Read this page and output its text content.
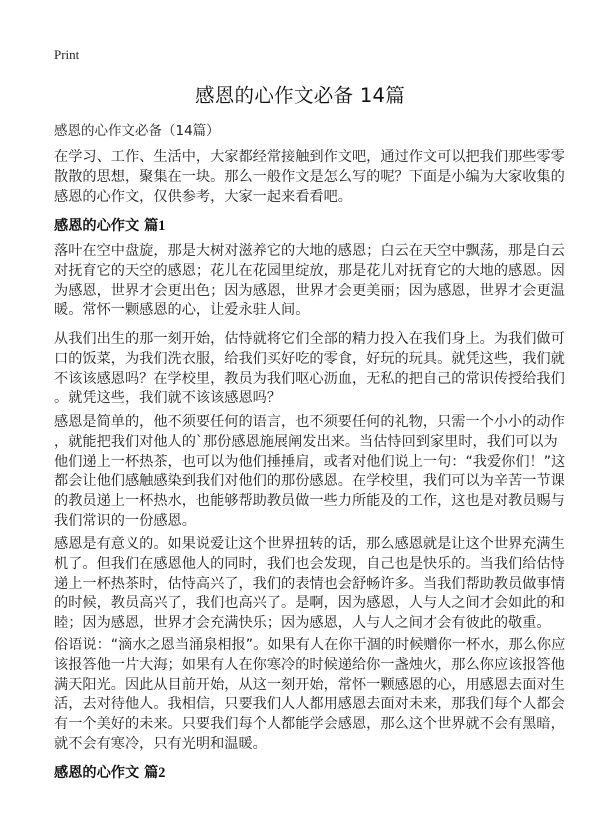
Print
感恩的心作文必备 14篇

感恩的心作文必备（14篇）

在学习、工作、生活中，大家都经常接触到作文吧，通过作文可以把我们那些零零
散散的思想，聚集在一块。那么一般作文是怎么写的呢？下面是小编为大家收集的
感恩的心作文，仅供参考，大家一起来看看吧。

感恩的心作文 篇1

落叶在空中盘旋，那是大树对滋养它的大地的感恩；白云在天空中飘荡，那是白云
对抚育它的天空的感恩；花儿在花园里绽放，那是花儿对抚育它的大地的感恩。因
为感恩，世界才会更出色；因为感恩，世界才会更美丽；因为感恩，世界才会更温
暖。常怀一颗感恩的心，让爱永驻人间。

从我们出生的那一刻开始，估恃就将它们全部的精力投入在我们身上。为我们做可
口的饭菜，为我们洗衣服，给我们买好吃的零食，好玩的玩具。就凭这些，我们就
不该该感恩吗？在学校里，教员为我们呕心沥血，无私的把自己的常识传授给我们
。就凭这些，我们就不该该感恩吗？

感恩是简单的，他不须要任何的语言，也不须要任何的礼物，只需一个小小的动作
，就能把我们对他人的`那份感恩施展阐发出来。当估恃回到家里时，我们可以为
他们递上一杯热茶，也可以为他们捶捶肩，或者对他们说上一句：“我爱你们！”这
都会让他们感触感染到我们对他们的那份感恩。在学校里，我们可以为辛苦一节课
的教员递上一杯热水，也能够帮助教员做一些力所能及的工作，这也是对教员赐与
我们常识的一份感恩。

感恩是有意义的。如果说爱让这个世界扭转的话，那么感恩就是让这个世界充满生
机了。但我们在感恩他人的同时，我们也会发现，自己也是快乐的。当我们给估恃
递上一杯热茶时，估恃高兴了，我们的表情也会舒畅许多。当我们帮助教员做事情
的时候，教员高兴了，我们也高兴了。是啊，因为感恩，人与人之间才会如此的和
睦；因为感恩，世界才会充满快乐；因为感恩，人与人之间才会有彼此的敬重。

俗语说：“滴水之恩当涌泉相报”。如果有人在你干涸的时候赠你一杯水，那么你应
该报答他一片大海；如果有人在你寒冷的时候递给你一盏烛火，那么你应该报答他
满天阳光。因此从目前开始，从这一刻开始，常怀一颗感恩的心，用感恩去面对生
活，去对待他人。我相信，只要我们人人都用感恩去面对未来，那我们每个人都会
有一个美好的未来。只要我们每个人都能学会感恩，那么这个世界就不会有黑暗，
就不会有寒冷，只有光明和温暖。

感恩的心作文 篇2
